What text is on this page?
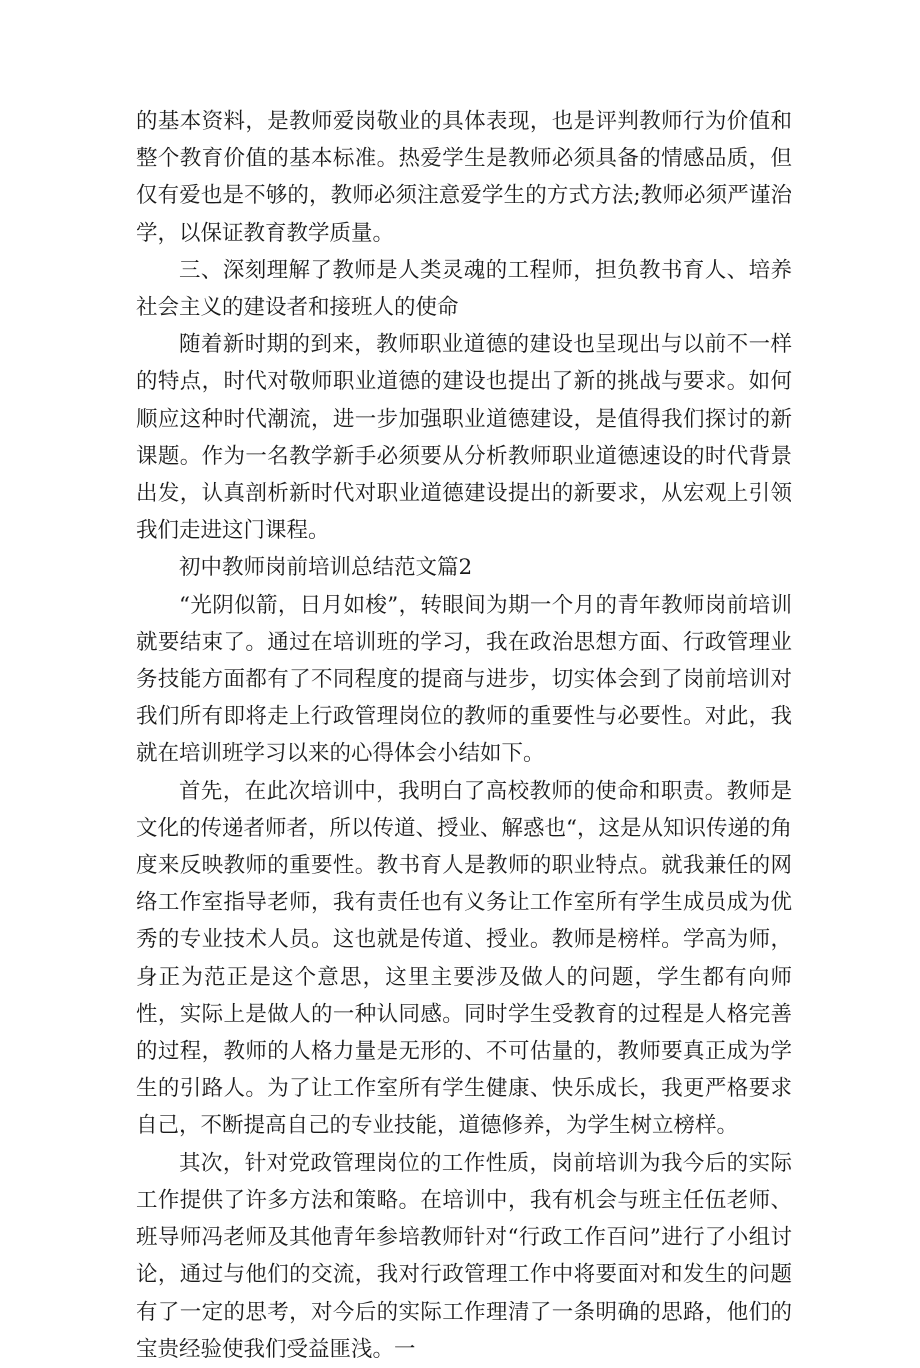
的基本资料，是教师爱岗敬业的具体表现，也是评判教师行为价值和整个教育价值的基本标准。热爱学生是教师必须具备的情感品质，但仅有爱也是不够的，教师必须注意爱学生的方式方法;教师必须严谨治学，以保证教育教学质量。

三、深刻理解了教师是人类灵魂的工程师，担负教书育人、培养社会主义的建设者和接班人的使命

随着新时期的到来，教师职业道德的建设也呈现出与以前不一样的特点，时代对敬师职业道德的建设也提出了新的挑战与要求。如何顺应这种时代潮流，进一步加强职业道德建设，是值得我们探讨的新课题。作为一名教学新手必须要从分析教师职业道德速设的时代背景出发，认真剖析新时代对职业道德建设提出的新要求，从宏观上引领我们走进这门课程。

初中教师岗前培训总结范文篇2

“光阴似箭，日月如梭”，转眼间为期一个月的青年教师岗前培训就要结束了。通过在培训班的学习，我在政治思想方面、行政管理业务技能方面都有了不同程度的提商与进步，切实体会到了岗前培训对我们所有即将走上行政管理岗位的教师的重要性与必要性。对此，我就在培训班学习以来的心得体会小结如下。

首先，在此次培训中，我明白了高校教师的使命和职责。教师是文化的传递者师者，所以传道、授业、解惑也“，这是从知识传递的角度来反映教师的重要性。教书育人是教师的职业特点。就我兼任的网络工作室指导老师，我有责任也有义务让工作室所有学生成员成为优秀的专业技术人员。这也就是传道、授业。教师是榜样。学高为师，身正为范正是这个意思，这里主要涉及做人的问题，学生都有向师性，实际上是做人的一种认同感。同时学生受教育的过程是人格完善的过程，教师的人格力量是无形的、不可估量的，教师要真正成为学生的引路人。为了让工作室所有学生健康、快乐成长，我更严格要求自己，不断提高自己的专业技能，道德修养，为学生树立榜样。

其次，针对党政管理岗位的工作性质，岗前培训为我今后的实际工作提供了许多方法和策略。在培训中，我有机会与班主任伍老师、班导师冯老师及其他青年参培教师针对“行政工作百问”进行了小组讨论，通过与他们的交流，我对行政管理工作中将要面对和发生的问题有了一定的思考，对今后的实际工作理清了一条明确的思路，他们的宝贵经验使我们受益匪浅。一
